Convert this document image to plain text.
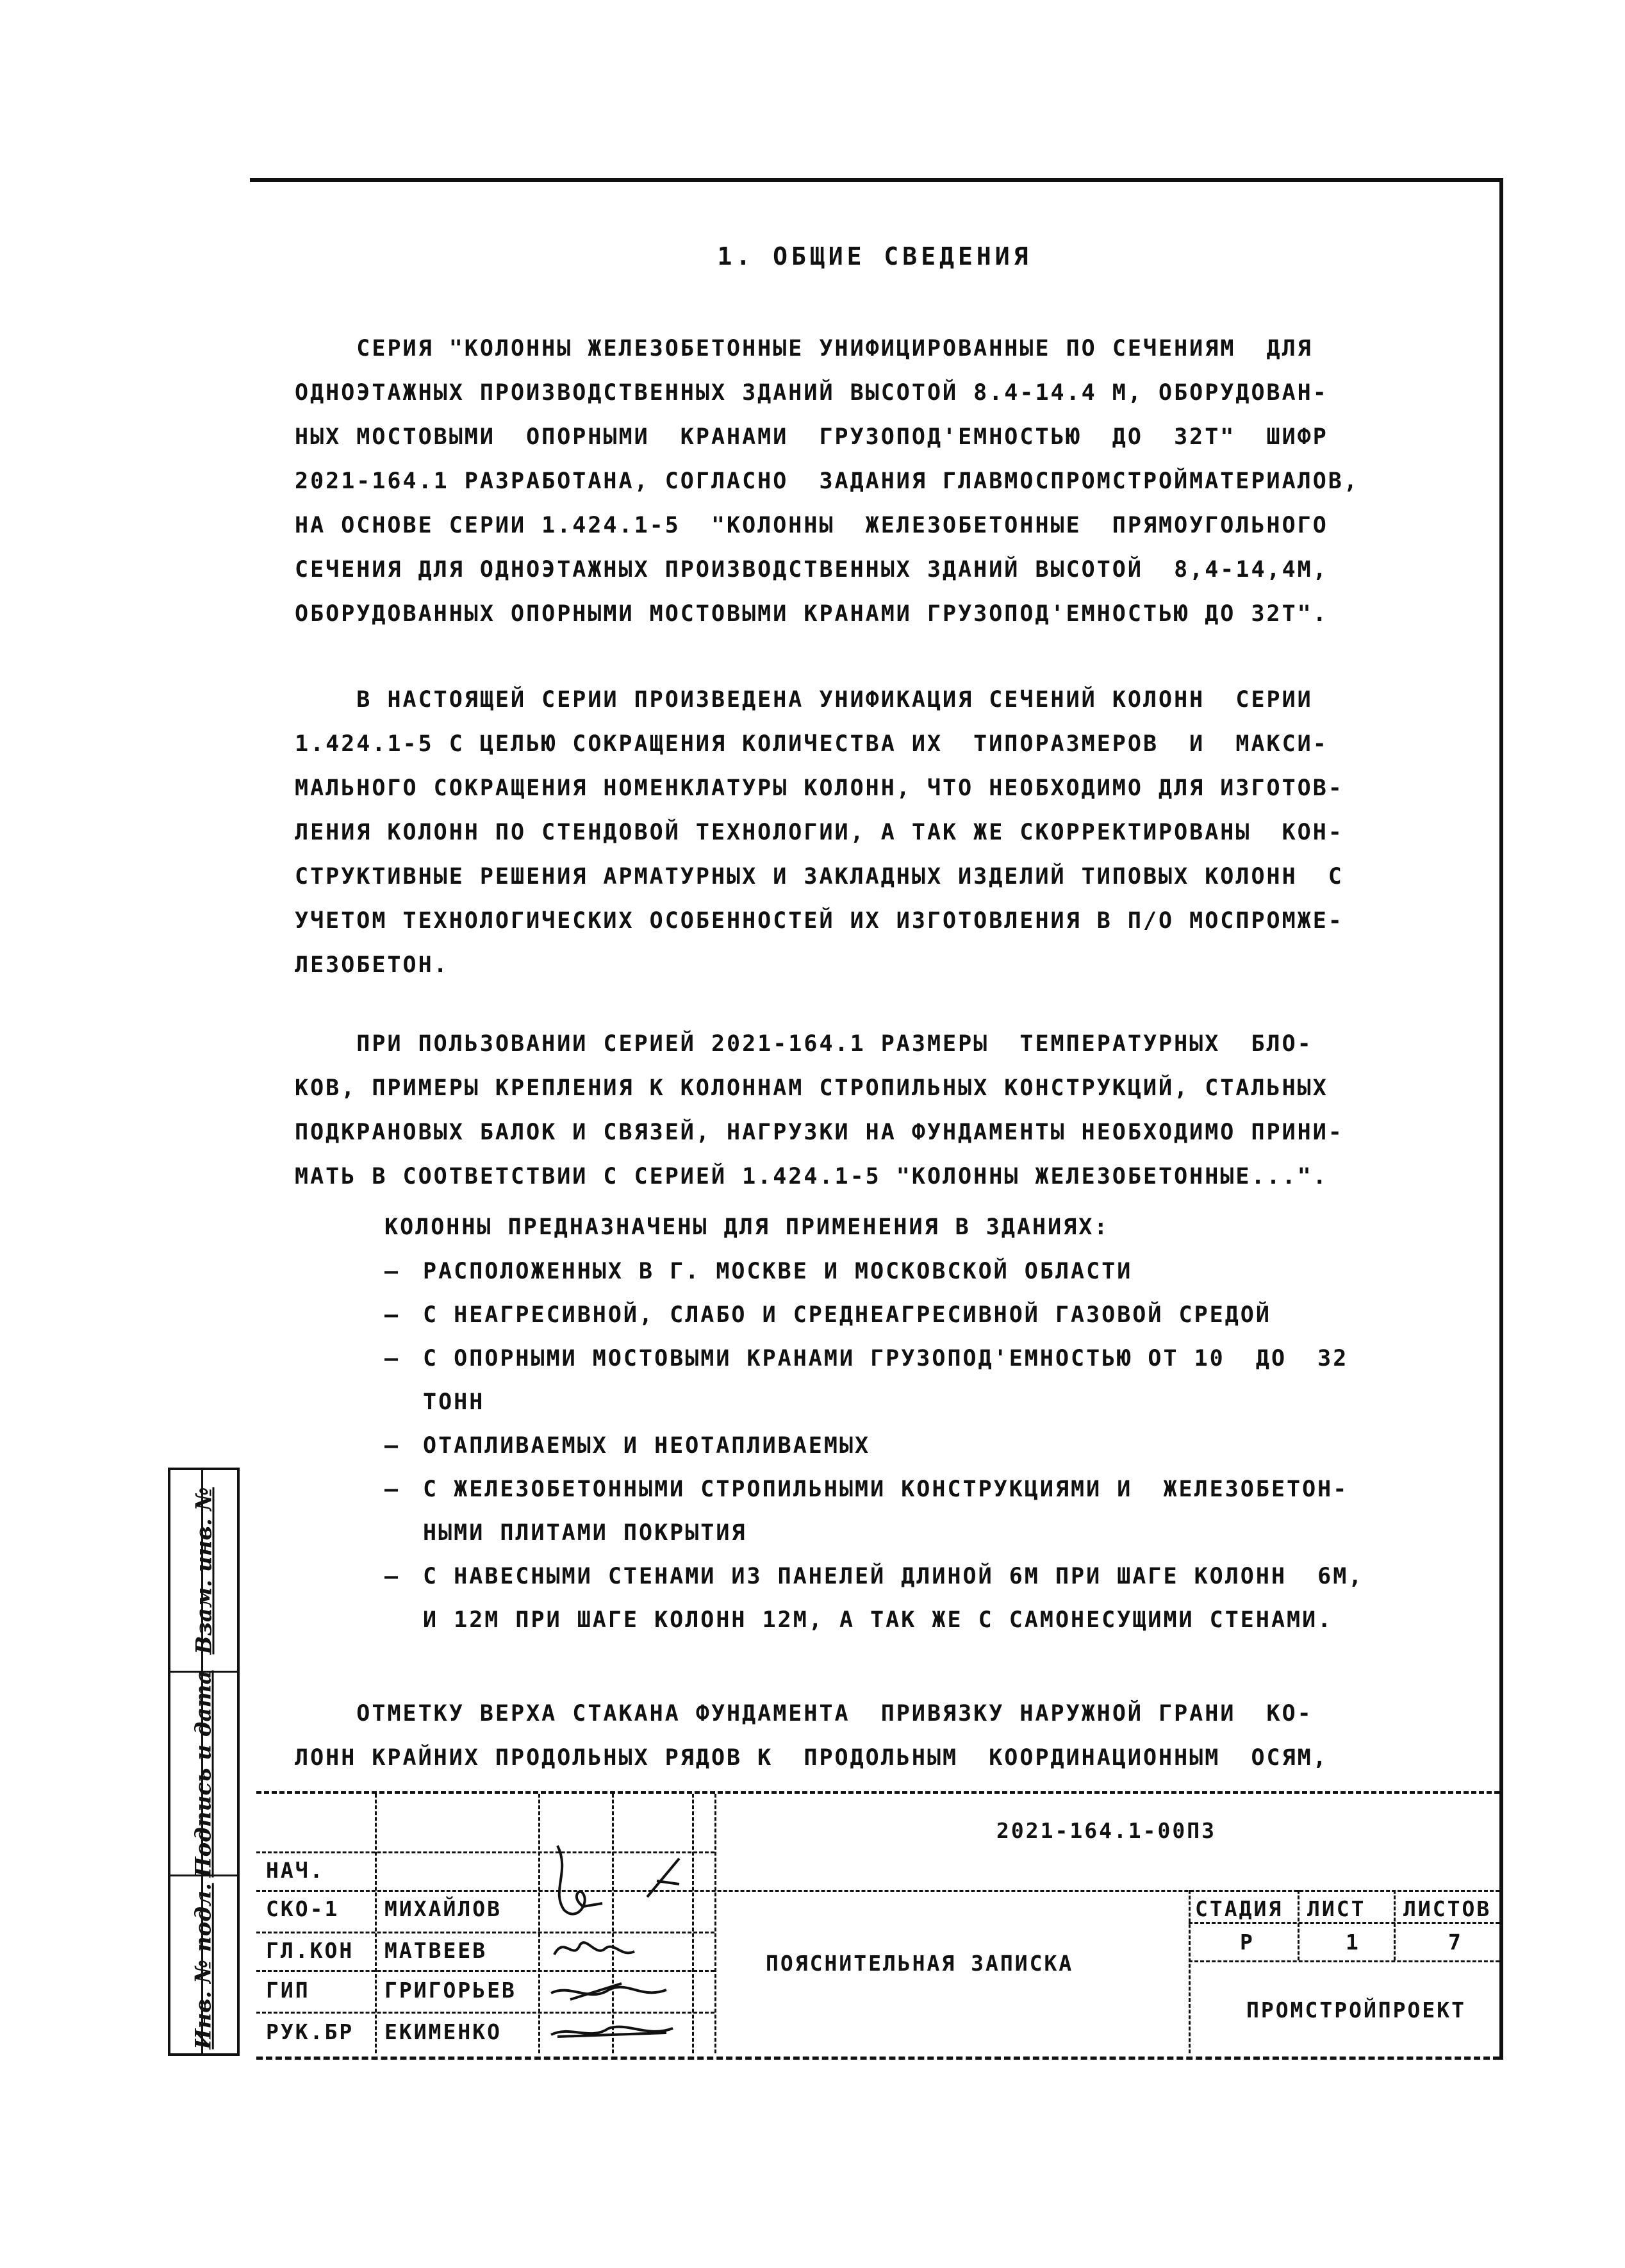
1. ОБЩИЕ СВЕДЕНИЯ

СЕРИЯ "КОЛОННЫ ЖЕЛЕЗОБЕТОННЫЕ УНИФИЦИРОВАННЫЕ ПО СЕЧЕНИЯМ  ДЛЯ
ОДНОЭТАЖНЫХ ПРОИЗВОДСТВЕННЫХ ЗДАНИЙ ВЫСОТОЙ 8.4-14.4 М, ОБОРУДОВАН-
НЫХ МОСТОВЫМИ  ОПОРНЫМИ  КРАНАМИ  ГРУЗОПОД'ЕМНОСТЬЮ  ДО  32Т"  ШИФР
2021-164.1 РАЗРАБОТАНА, СОГЛАСНО  ЗАДАНИЯ ГЛАВМОСПРОМСТРОЙМАТЕРИАЛОВ,
НА ОСНОВЕ СЕРИИ 1.424.1-5  "КОЛОННЫ  ЖЕЛЕЗОБЕТОННЫЕ  ПРЯМОУГОЛЬНОГО
СЕЧЕНИЯ ДЛЯ ОДНОЭТАЖНЫХ ПРОИЗВОДСТВЕННЫХ ЗДАНИЙ ВЫСОТОЙ  8,4-14,4М,
ОБОРУДОВАННЫХ ОПОРНЫМИ МОСТОВЫМИ КРАНАМИ ГРУЗОПОД'ЕМНОСТЬЮ ДО 32Т".

В НАСТОЯЩЕЙ СЕРИИ ПРОИЗВЕДЕНА УНИФИКАЦИЯ СЕЧЕНИЙ КОЛОНН  СЕРИИ
1.424.1-5 С ЦЕЛЬЮ СОКРАЩЕНИЯ КОЛИЧЕСТВА ИХ  ТИПОРАЗМЕРОВ  И  МАКСИ-
МАЛЬНОГО СОКРАЩЕНИЯ НОМЕНКЛАТУРЫ КОЛОНН, ЧТО НЕОБХОДИМО ДЛЯ ИЗГОТОВ-
ЛЕНИЯ КОЛОНН ПО СТЕНДОВОЙ ТЕХНОЛОГИИ, А ТАК ЖЕ СКОРРЕКТИРОВАНЫ  КОН-
СТРУКТИВНЫЕ РЕШЕНИЯ АРМАТУРНЫХ И ЗАКЛАДНЫХ ИЗДЕЛИЙ ТИПОВЫХ КОЛОНН  С
УЧЕТОМ ТЕХНОЛОГИЧЕСКИХ ОСОБЕННОСТЕЙ ИХ ИЗГОТОВЛЕНИЯ В П/О МОСПРОМЖЕ-
ЛЕЗОБЕТОН.

ПРИ ПОЛЬЗОВАНИИ СЕРИЕЙ 2021-164.1 РАЗМЕРЫ  ТЕМПЕРАТУРНЫХ  БЛО-
КОВ, ПРИМЕРЫ КРЕПЛЕНИЯ К КОЛОННАМ СТРОПИЛЬНЫХ КОНСТРУКЦИЙ, СТАЛЬНЫХ
ПОДКРАНОВЫХ БАЛОК И СВЯЗЕЙ, НАГРУЗКИ НА ФУНДАМЕНТЫ НЕОБХОДИМО ПРИНИ-
МАТЬ В СООТВЕТСТВИИ С СЕРИЕЙ 1.424.1-5 "КОЛОННЫ ЖЕЛЕЗОБЕТОННЫЕ...".

КОЛОННЫ ПРЕДНАЗНАЧЕНЫ ДЛЯ ПРИМЕНЕНИЯ В ЗДАНИЯХ:
– РАСПОЛОЖЕННЫХ В Г. МОСКВЕ И МОСКОВСКОЙ ОБЛАСТИ
– С НЕАГРЕСИВНОЙ, СЛАБО И СРЕДНЕАГРЕСИВНОЙ ГАЗОВОЙ СРЕДОЙ
– С ОПОРНЫМИ МОСТОВЫМИ КРАНАМИ ГРУЗОПОД'ЕМНОСТЬЮ ОТ 10  ДО  32
ТОНН
– ОТАПЛИВАЕМЫХ И НЕОТАПЛИВАЕМЫХ
– С ЖЕЛЕЗОБЕТОННЫМИ СТРОПИЛЬНЫМИ КОНСТРУКЦИЯМИ И  ЖЕЛЕЗОБЕТОН-
НЫМИ ПЛИТАМИ ПОКРЫТИЯ
– С НАВЕСНЫМИ СТЕНАМИ ИЗ ПАНЕЛЕЙ ДЛИНОЙ 6М ПРИ ШАГЕ КОЛОНН  6М,
И 12М ПРИ ШАГЕ КОЛОНН 12М, А ТАК ЖЕ С САМОНЕСУЩИМИ СТЕНАМИ.

ОТМЕТКУ ВЕРХА СТАКАНА ФУНДАМЕНТА  ПРИВЯЗКУ НАРУЖНОЙ ГРАНИ  КО-
ЛОНН КРАЙНИХ ПРОДОЛЬНЫХ РЯДОВ К  ПРОДОЛЬНЫМ  КООРДИНАЦИОННЫМ  ОСЯМ,

Взам. инв. №
Подпись и дата
Инв. № подл.
2021-164.1-00ПЗ
НАЧ.
СКО-1 МИХАЙЛОВ
ГЛ.КОН МАТВЕЕВ
ГИП	ГРИГОРЬЕВ
РУК.БР ЕКИМЕНКО
ПОЯСНИТЕЛЬНАЯ ЗАПИСКА
СТАДИЯ ЛИСТ ЛИСТОВ
Р	1	7
ПРОМСТРОЙПРОЕКТ
